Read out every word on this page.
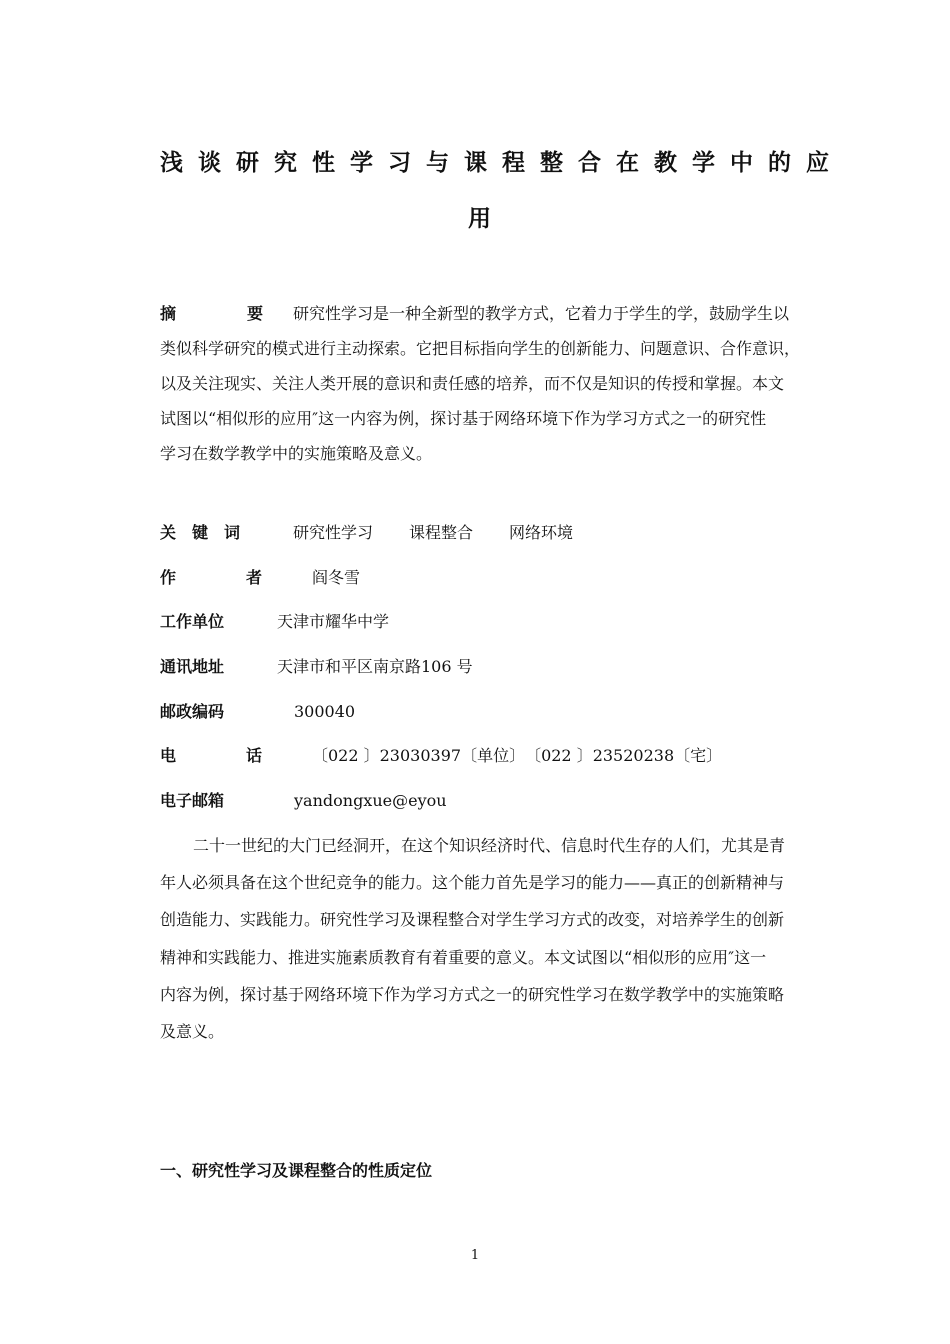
浅谈研究性学习与课程整合在教学中的应
用
摘	要 研究性学习是一种全新型的教学方式，它着力于学生的学，鼓励学生以
类似科学研究的模式进行主动探索。它把目标指向学生的创新能力、问题意识、合作意识，
以及关注现实、关注人类开展的意识和责任感的培养，而不仅是知识的传授和掌握。本文
试图以“相似形的应用″这一内容为例，探讨基于网络环境下作为学习方式之一的研究性
学习在数学教学中的实施策略及意义。
关　键　词	研究性学习 课程整合 网络环境
作	者	阎冬雪
工作单位	天津市耀华中学
通讯地址	天津市和平区南京路106 号
邮政编码	300040
电	话	〔022 〕23030397〔单位〕　〔022 〕23520238〔宅〕
电子邮箱	yandongxue@eyou
二十一世纪的大门已经洞开，在这个知识经济时代、信息时代生存的人们，尤其是青
年人必须具备在这个世纪竞争的能力。这个能力首先是学习的能力——真正的创新精神与
创造能力、实践能力。研究性学习及课程整合对学生学习方式的改变，对培养学生的创新
精神和实践能力、推进实施素质教育有着重要的意义。本文试图以“相似形的应用″这一
内容为例，探讨基于网络环境下作为学习方式之一的研究性学习在数学教学中的实施策略
及意义。
一、研究性学习及课程整合的性质定位
1
